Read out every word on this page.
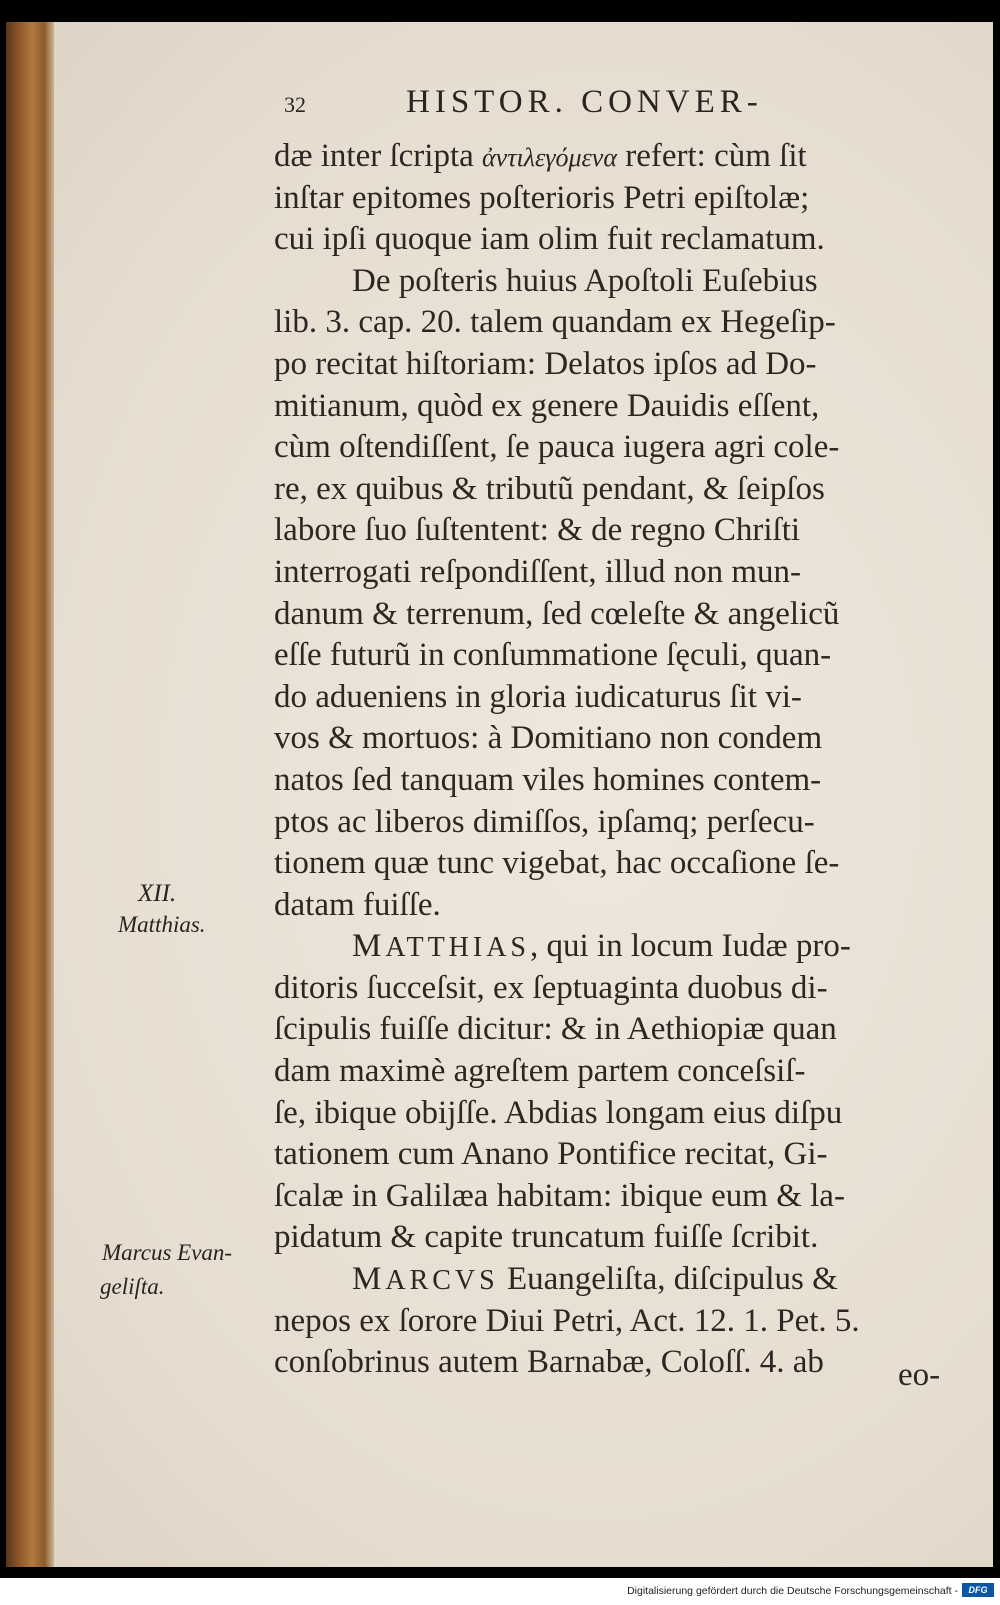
32	HISTOR. CONVER-
dæ inter ſcripta ἀντιλεγόμενα refert: cùm ſit
inſtar epitomes poſterioris Petri epiſtolæ;
cui ipſi quoque iam olim fuit reclamatum.
De poſteris huius Apoſtoli Euſebius
lib. 3. cap. 20. talem quandam ex Hegeſip-
po recitat hiſtoriam: Delatos ipſos ad Do-
mitianum, quòd ex genere Dauidis eſſent,
cùm oſtendiſſent, ſe pauca iugera agri cole-
re, ex quibus & tributũ pendant, & ſeipſos
labore ſuo ſuſtentent: & de regno Chriſti
interrogati reſpondiſſent, illud non mun-
danum & terrenum, ſed cœleſte & angelicũ
eſſe futurũ in conſummatione ſęculi, quan-
do adueniens in gloria iudicaturus ſit vi-
vos & mortuos: à Domitiano non condem
natos ſed tanquam viles homines contem-
ptos ac liberos dimiſſos, ipſamq; perſecu-
tionem quæ tunc vigebat, hac occaſione ſe-
datam fuiſſe.
MATTHIAS, qui in locum Iudæ pro-
ditoris ſucceſsit, ex ſeptuaginta duobus di-
ſcipulis fuiſſe dicitur: & in Aethiopiæ quan
dam maximè agreſtem partem conceſsiſ-
ſe, ibique obijſſe. Abdias longam eius diſpu
tationem cum Anano Pontifice recitat, Gi-
ſcalæ in Galilæa habitam: ibique eum & la-
pidatum & capite truncatum fuiſſe ſcribit.
MARCVS Euangeliſta, diſcipulus &
nepos ex ſorore Diui Petri, Act. 12. 1. Pet. 5.
conſobrinus autem Barnabæ, Coloſſ. 4. ab
XII.
Matthias.
Marcus Evan-
geliſta.
eo-
Digitalisierung gefördert durch die Deutsche Forschungsgemeinschaft -	DFG
